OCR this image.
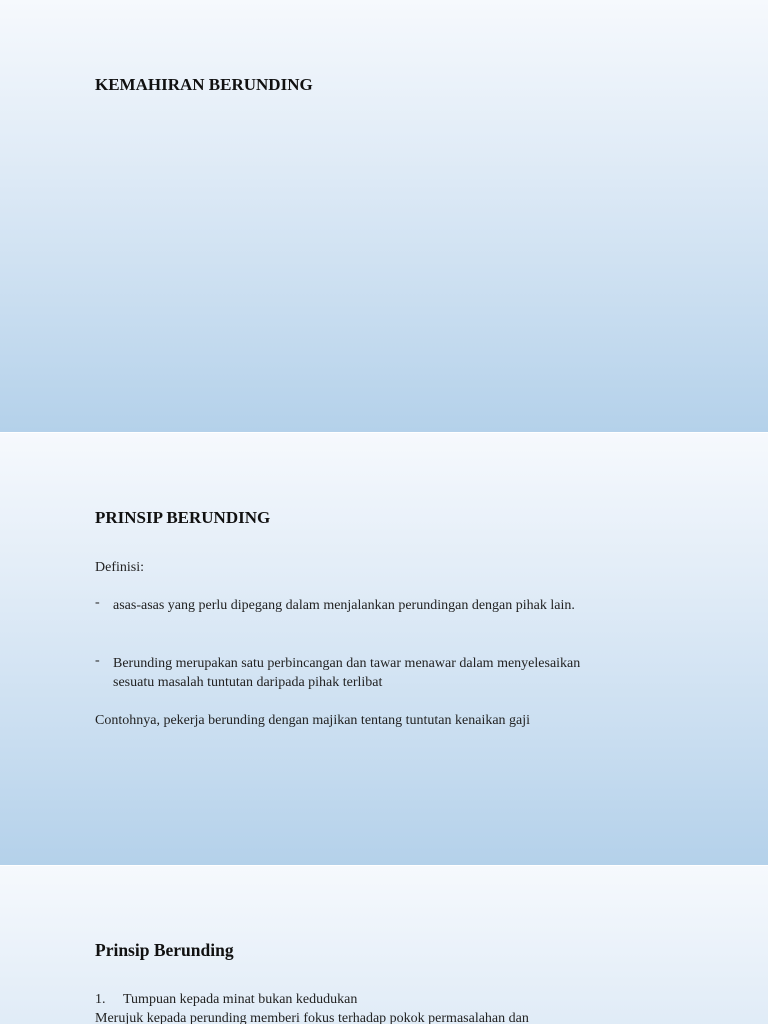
KEMAHIRAN BERUNDING
PRINSIP BERUNDING
Definisi:
- asas-asas yang perlu dipegang dalam menjalankan perundingan dengan pihak lain.
- Berunding merupakan satu perbincangan dan tawar menawar dalam menyelesaikan sesuatu masalah tuntutan daripada pihak terlibat
Contohnya, pekerja berunding dengan majikan tentang tuntutan kenaikan gaji
Prinsip Berunding
1. Tumpuan kepada minat bukan kedudukan
Merujuk kepada perunding memberi fokus terhadap pokok permasalahan dan
